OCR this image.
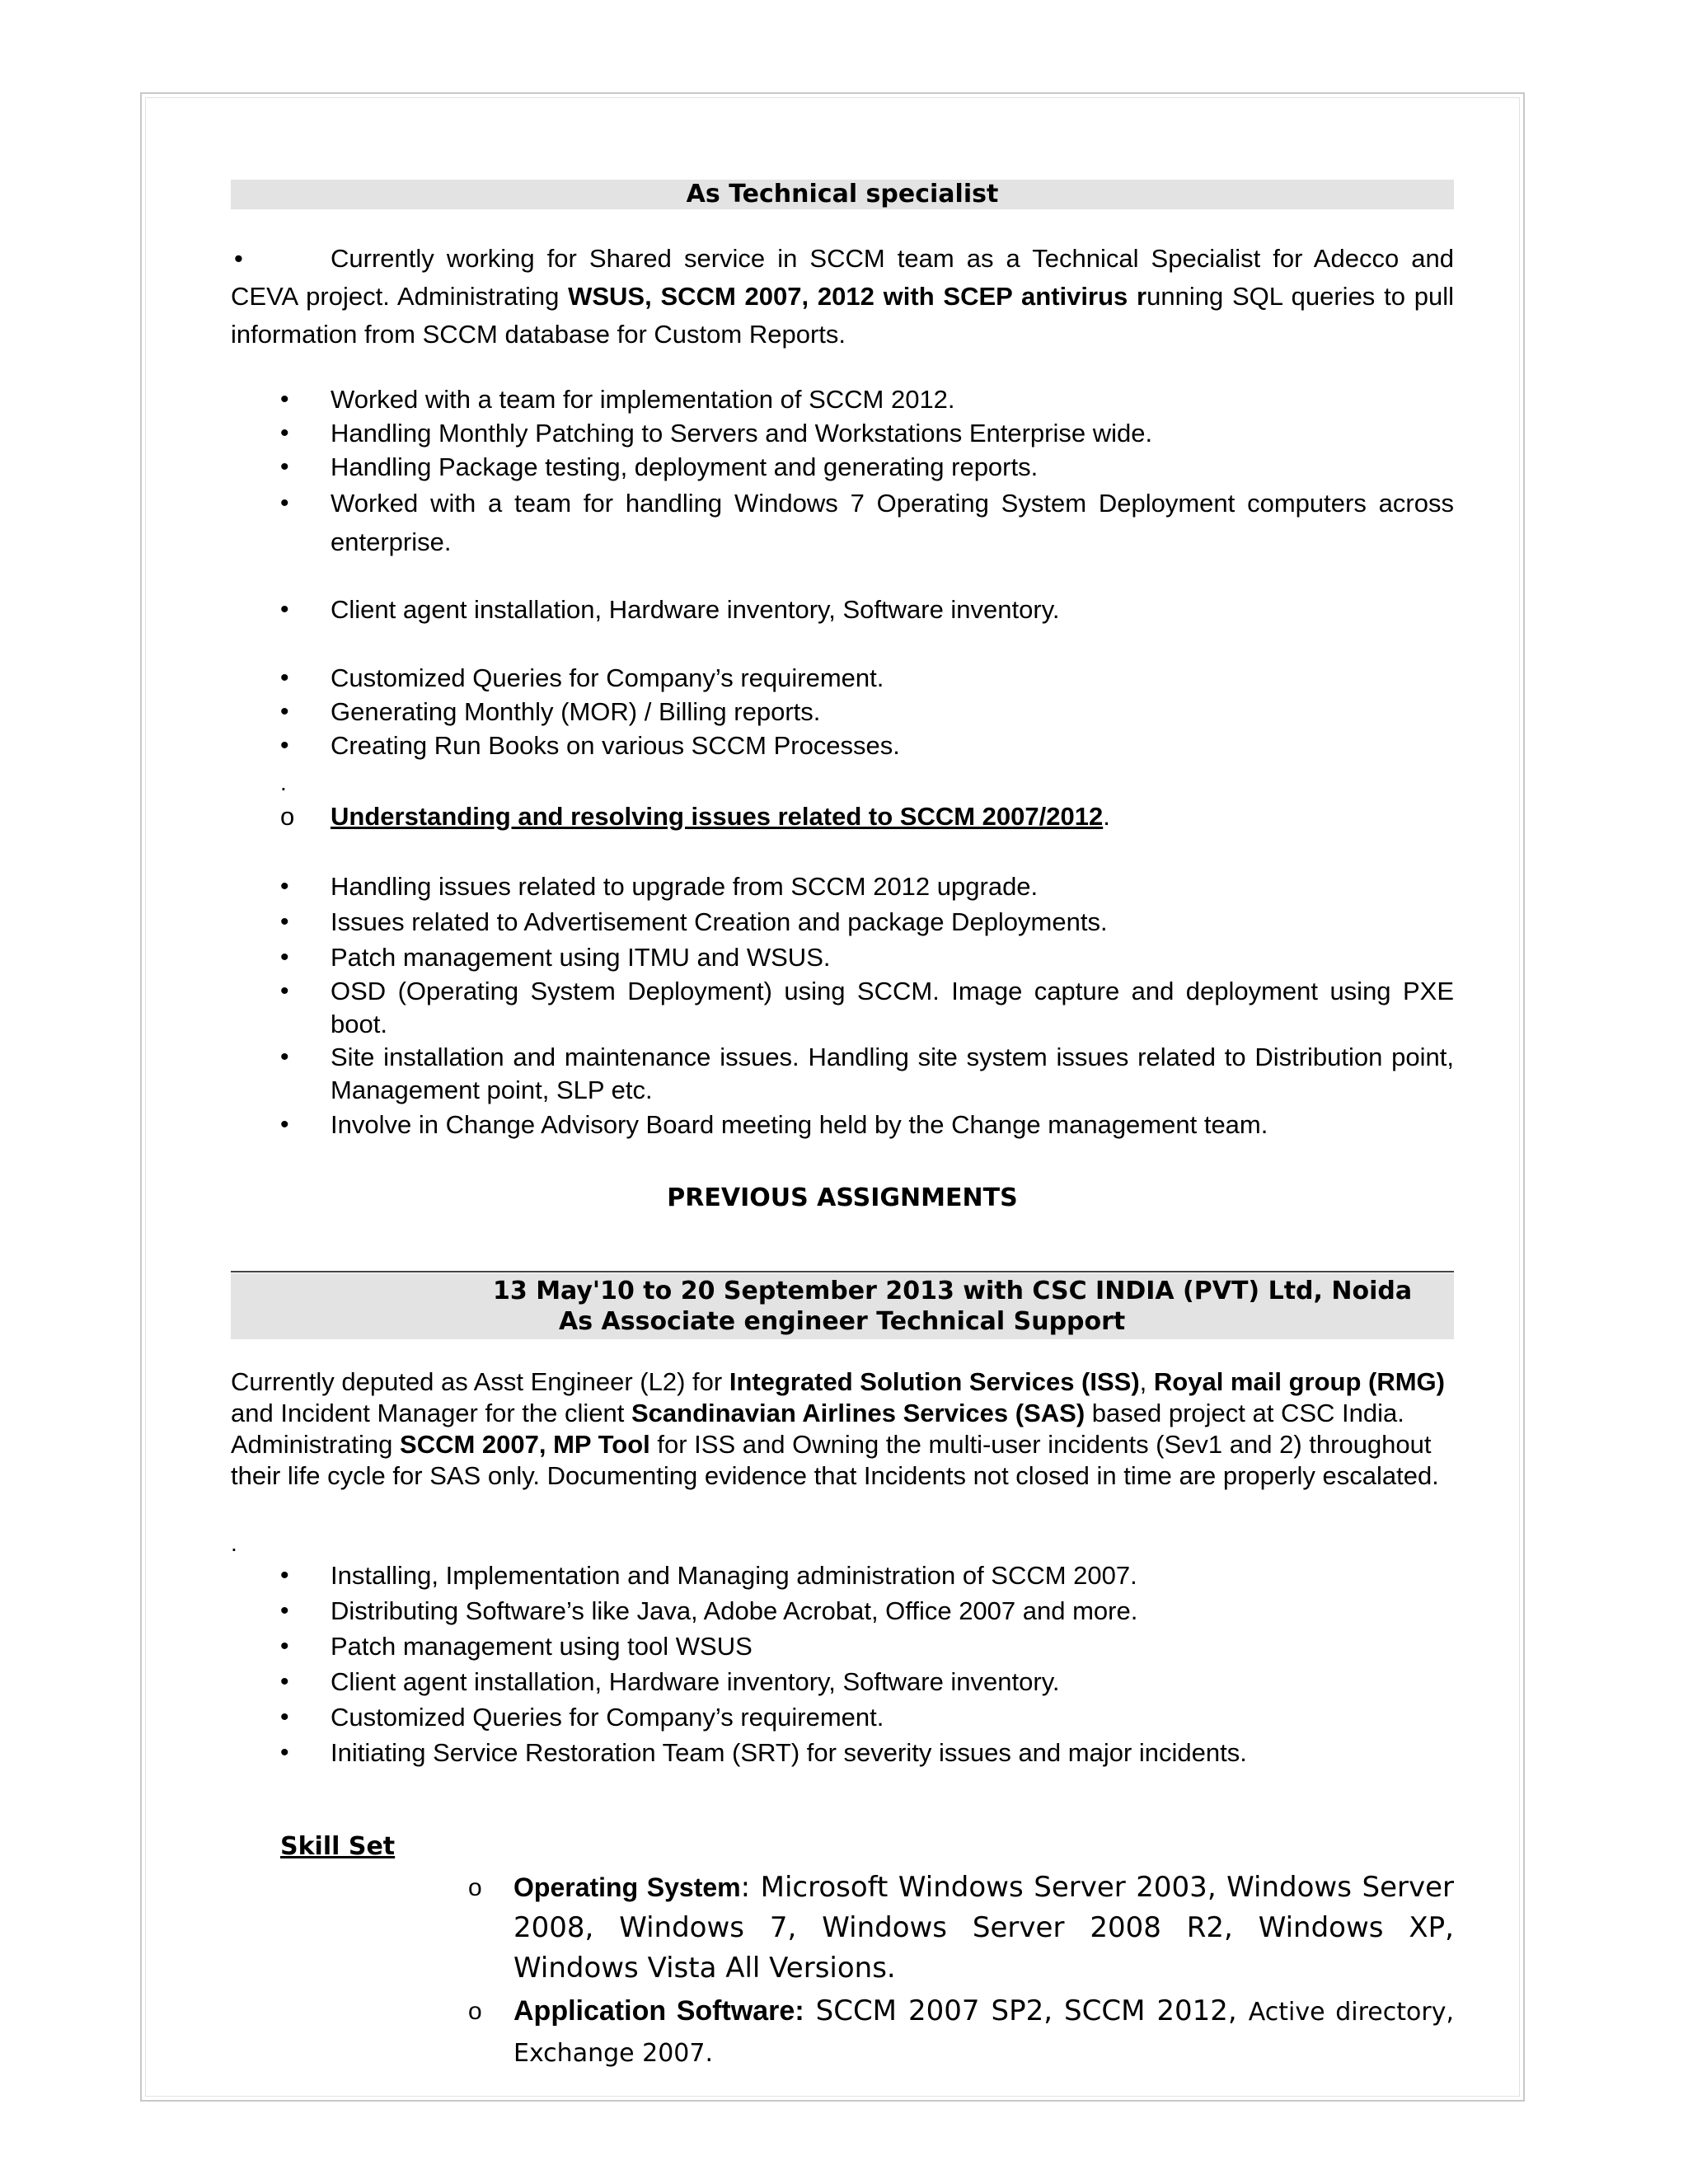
As Technical specialist
•	Currently working for Shared service in SCCM team as a Technical Specialist for Adecco and CEVA project. Administrating WSUS, SCCM 2007, 2012 with SCEP antivirus running SQL queries to pull information from SCCM database for Custom Reports.
• Worked with a team for implementation of SCCM 2012.
• Handling Monthly Patching to Servers and Workstations Enterprise wide.
• Handling Package testing, deployment and generating reports.
• Worked with a team for handling Windows 7 Operating System Deployment computers across enterprise.
• Client agent installation, Hardware inventory, Software inventory.
• Customized Queries for Company’s requirement.
• Generating Monthly (MOR) / Billing reports.
• Creating Run Books on various SCCM Processes.
.
o Understanding and resolving issues related to SCCM 2007/2012.
• Handling issues related to upgrade from SCCM 2012 upgrade.
• Issues related to Advertisement Creation and package Deployments.
• Patch management using ITMU and WSUS.
• OSD (Operating System Deployment) using SCCM. Image capture and deployment using PXE boot.
• Site installation and maintenance issues. Handling site system issues related to Distribution point, Management point, SLP etc.
• Involve in Change Advisory Board meeting held by the Change management team.
PREVIOUS ASSIGNMENTS
13 May'10 to 20 September 2013 with CSC INDIA (PVT) Ltd, Noida
As Associate engineer Technical Support
Currently deputed as Asst Engineer (L2) for Integrated Solution Services (ISS), Royal mail group (RMG) and Incident Manager for the client Scandinavian Airlines Services (SAS) based project at CSC India. Administrating SCCM 2007, MP Tool for ISS and Owning the multi-user incidents (Sev1 and 2) throughout their life cycle for SAS only. Documenting evidence that Incidents not closed in time are properly escalated.
.
• Installing, Implementation and Managing administration of SCCM 2007.
• Distributing Software’s like Java, Adobe Acrobat, Office 2007 and more.
• Patch management using tool WSUS
• Client agent installation, Hardware inventory, Software inventory.
• Customized Queries for Company’s requirement.
• Initiating Service Restoration Team (SRT) for severity issues and major incidents.
Skill Set
o Operating System: Microsoft Windows Server 2003, Windows Server 2008, Windows 7, Windows Server 2008 R2, Windows XP, Windows Vista All Versions.
o Application Software: SCCM 2007 SP2, SCCM 2012, Active directory, Exchange 2007.
